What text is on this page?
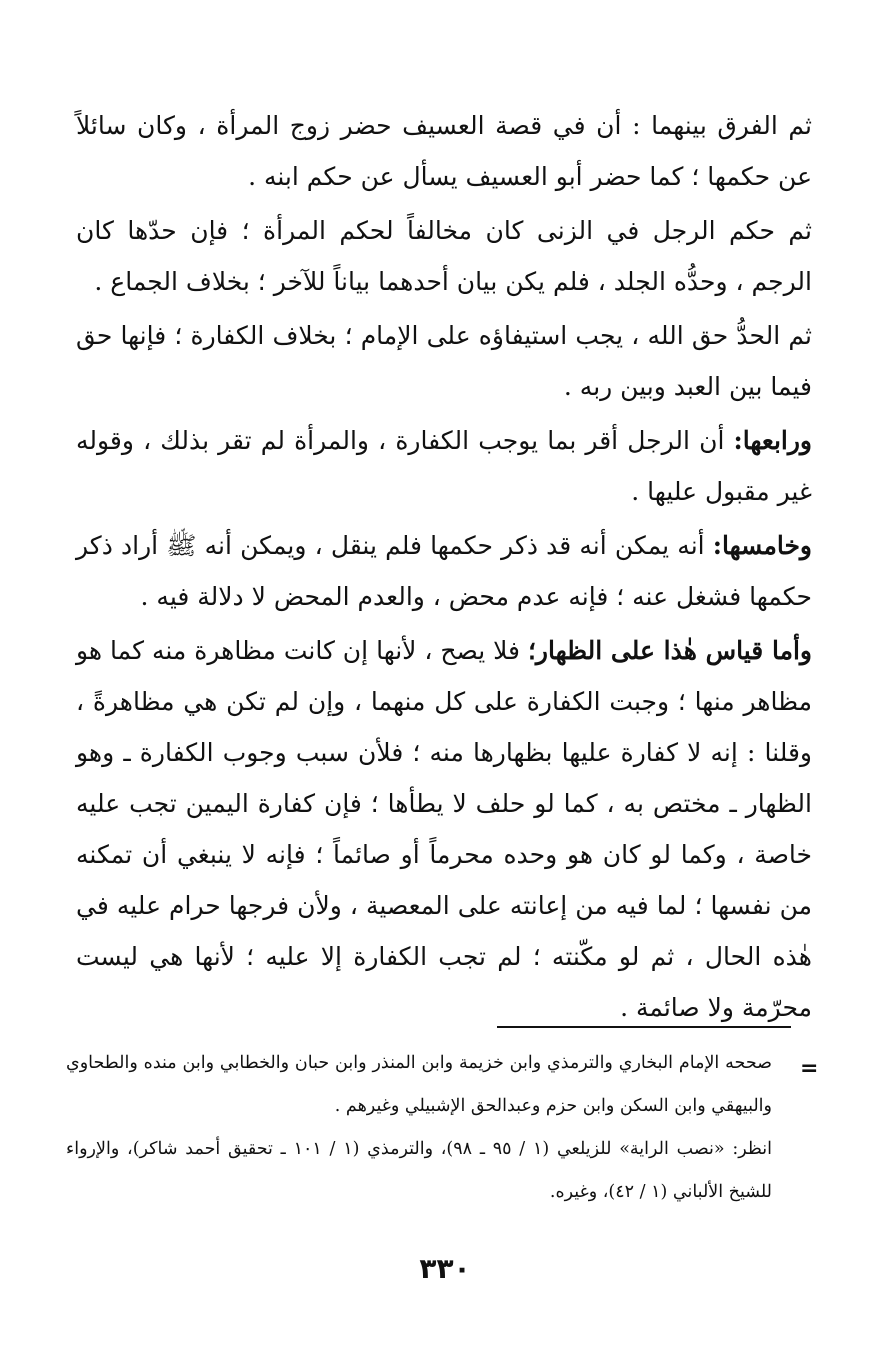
ثم الفرق بينهما : أن في قصة العسيف حضر زوج المرأة ، وكان سائلاً عن حكمها ؛ كما حضر أبو العسيف يسأل عن حكم ابنه .

ثم حكم الرجل في الزنى كان مخالفاً لحكم المرأة ؛ فإن حدّها كان الرجم ، وحدُّه الجلد ، فلم يكن بيان أحدهما بياناً للآخر ؛ بخلاف الجماع .

ثم الحدُّ حق الله ، يجب استيفاؤه على الإمام ؛ بخلاف الكفارة ؛ فإنها حق فيما بين العبد وبين ربه .

ورابعها: أن الرجل أقر بما يوجب الكفارة ، والمرأة لم تقر بذلك ، وقوله غير مقبول عليها .

وخامسها: أنه يمكن أنه قد ذكر حكمها فلم ينقل ، ويمكن أنه ﷺ أراد ذكر حكمها فشغل عنه ؛ فإنه عدم محض ، والعدم المحض لا دلالة فيه .

وأما قياس هٰذا على الظهار؛ فلا يصح ، لأنها إن كانت مظاهرة منه كما هو مظاهر منها ؛ وجبت الكفارة على كل منهما ، وإن لم تكن هي مظاهرةً ، وقلنا : إنه لا كفارة عليها بظهارها منه ؛ فلأن سبب وجوب الكفارة ـ وهو الظهار ـ مختص به ، كما لو حلف لا يطأها ؛ فإن كفارة اليمين تجب عليه خاصة ، وكما لو كان هو وحده محرماً أو صائماً ؛ فإنه لا ينبغي أن تمكنه من نفسها ؛ لما فيه من إعانته على المعصية ، ولأن فرجها حرام عليه في هٰذه الحال ، ثم لو مكّنته ؛ لم تجب الكفارة إلا عليه ؛ لأنها هي ليست محرّمة ولا صائمة .

=

صححه الإمام البخاري والترمذي وابن خزيمة وابن المنذر وابن حبان والخطابي وابن منده والطحاوي والبيهقي وابن السكن وابن حزم وعبدالحق الإشبيلي وغيرهم .

انظر: «نصب الراية» للزيلعي (١ / ٩٥ ـ ٩٨)، والترمذي (١ / ١٠١ ـ تحقيق أحمد شاكر)، والإرواء للشيخ الألباني (١ / ٤٢)، وغيره.

٣٣٠
